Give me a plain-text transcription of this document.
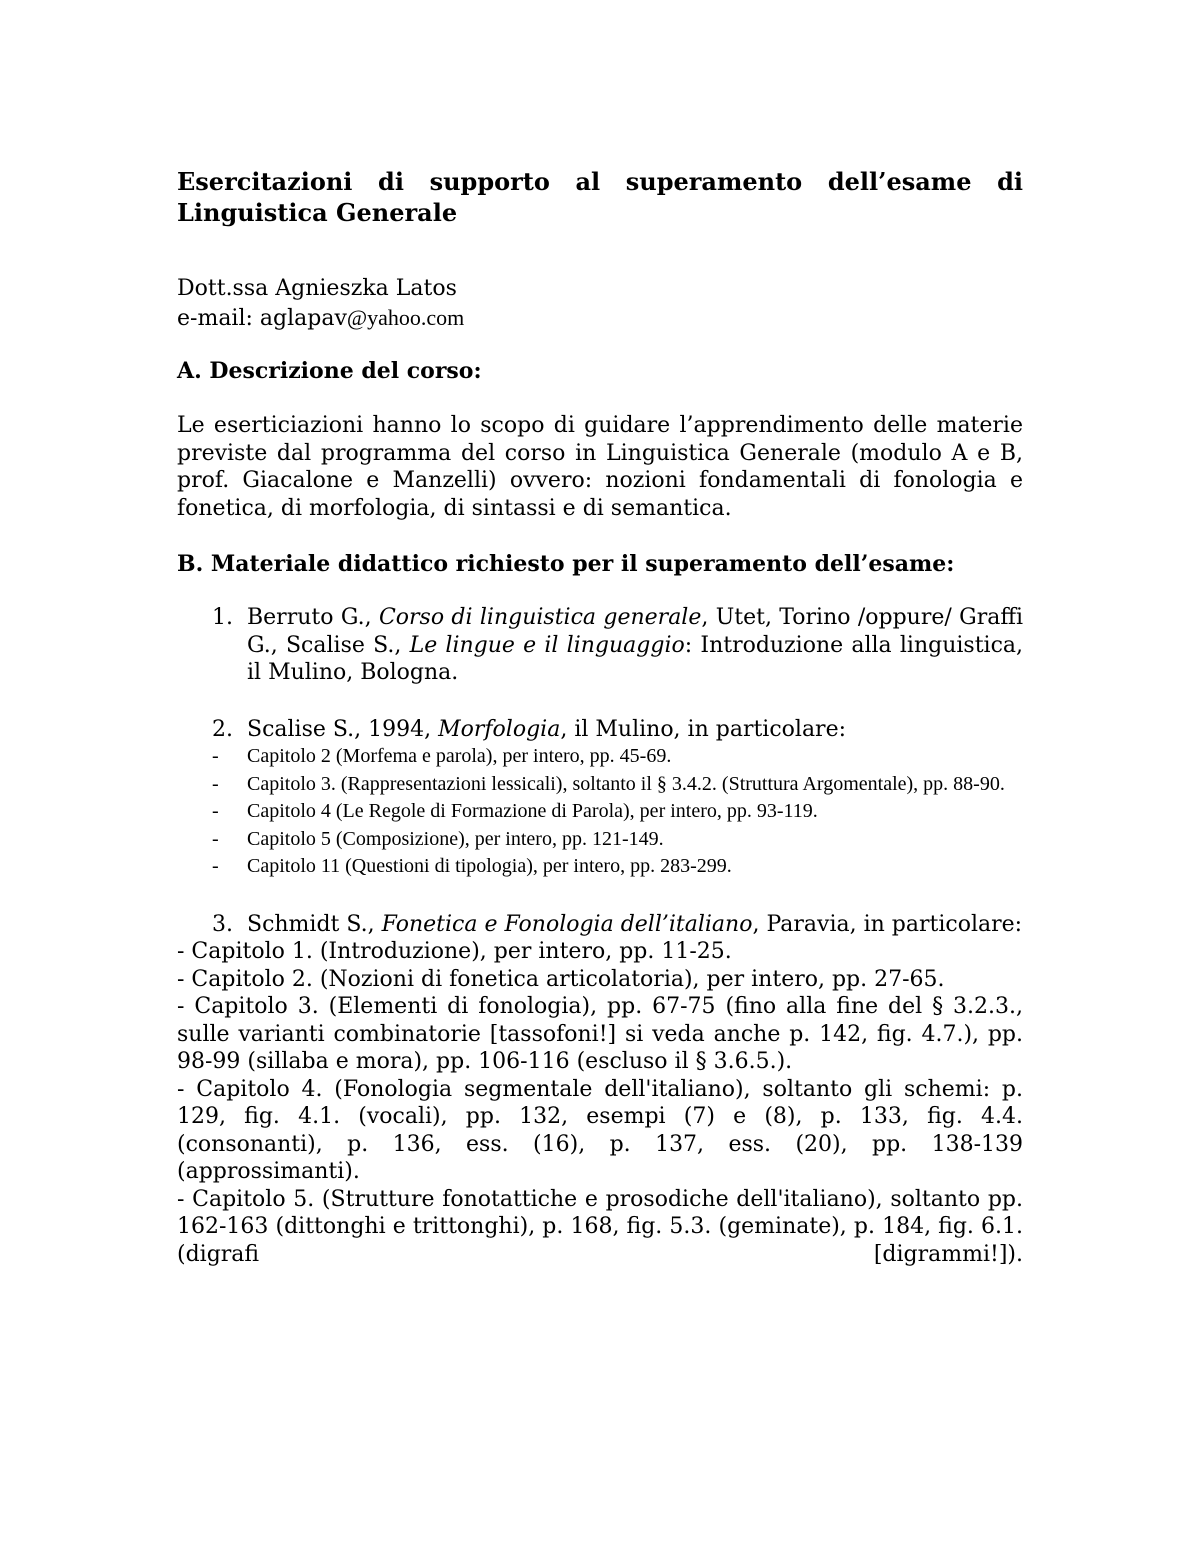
Esercitazioni di supporto al superamento dell’esame di Linguistica Generale

Dott.ssa Agnieszka Latos
e-mail: aglapav@yahoo.com
A. Descrizione del corso:
Le eserticiazioni hanno lo scopo di guidare l’apprendimento delle materie previste dal programma del corso in Linguistica Generale (modulo A e B, prof. Giacalone e Manzelli) ovvero: nozioni fondamentali di fonologia e fonetica, di morfologia, di sintassi e di semantica.
B. Materiale didattico richiesto per il superamento dell’esame:
1. Berruto G., Corso di linguistica generale, Utet, Torino /oppure/ Graffi G., Scalise S., Le lingue e il linguaggio: Introduzione alla linguistica, il Mulino, Bologna.
2. Scalise S., 1994, Morfologia, il Mulino, in particolare:
- Capitolo 2 (Morfema e parola), per intero, pp. 45-69.
- Capitolo 3. (Rappresentazioni lessicali), soltanto il § 3.4.2. (Struttura Argomentale), pp. 88-90.
- Capitolo 4 (Le Regole di Formazione di Parola), per intero, pp. 93-119.
- Capitolo 5 (Composizione), per intero, pp. 121-149.
- Capitolo 11 (Questioni di tipologia), per intero, pp. 283-299.
3. Schmidt S., Fonetica e Fonologia dell’italiano, Paravia, in particolare:
- Capitolo 1. (Introduzione), per intero, pp. 11-25.
- Capitolo 2. (Nozioni di fonetica articolatoria), per intero, pp. 27-65.
- Capitolo 3. (Elementi di fonologia), pp. 67-75 (fino alla fine del § 3.2.3., sulle varianti combinatorie [tassofoni!] si veda anche p. 142, fig. 4.7.), pp. 98-99 (sillaba e mora), pp. 106-116 (escluso il § 3.6.5.).
- Capitolo 4. (Fonologia segmentale dell'italiano), soltanto gli schemi: p. 129, fig. 4.1. (vocali), pp. 132, esempi (7) e (8), p. 133, fig. 4.4. (consonanti), p. 136, ess. (16), p. 137, ess. (20), pp. 138-139 (approssimanti).
- Capitolo 5. (Strutture fonotattiche e prosodiche dell'italiano), soltanto pp. 162-163 (dittonghi e trittonghi), p. 168, fig. 5.3. (geminate), p. 184, fig. 6.1. (digrafi [digrammi!]).
